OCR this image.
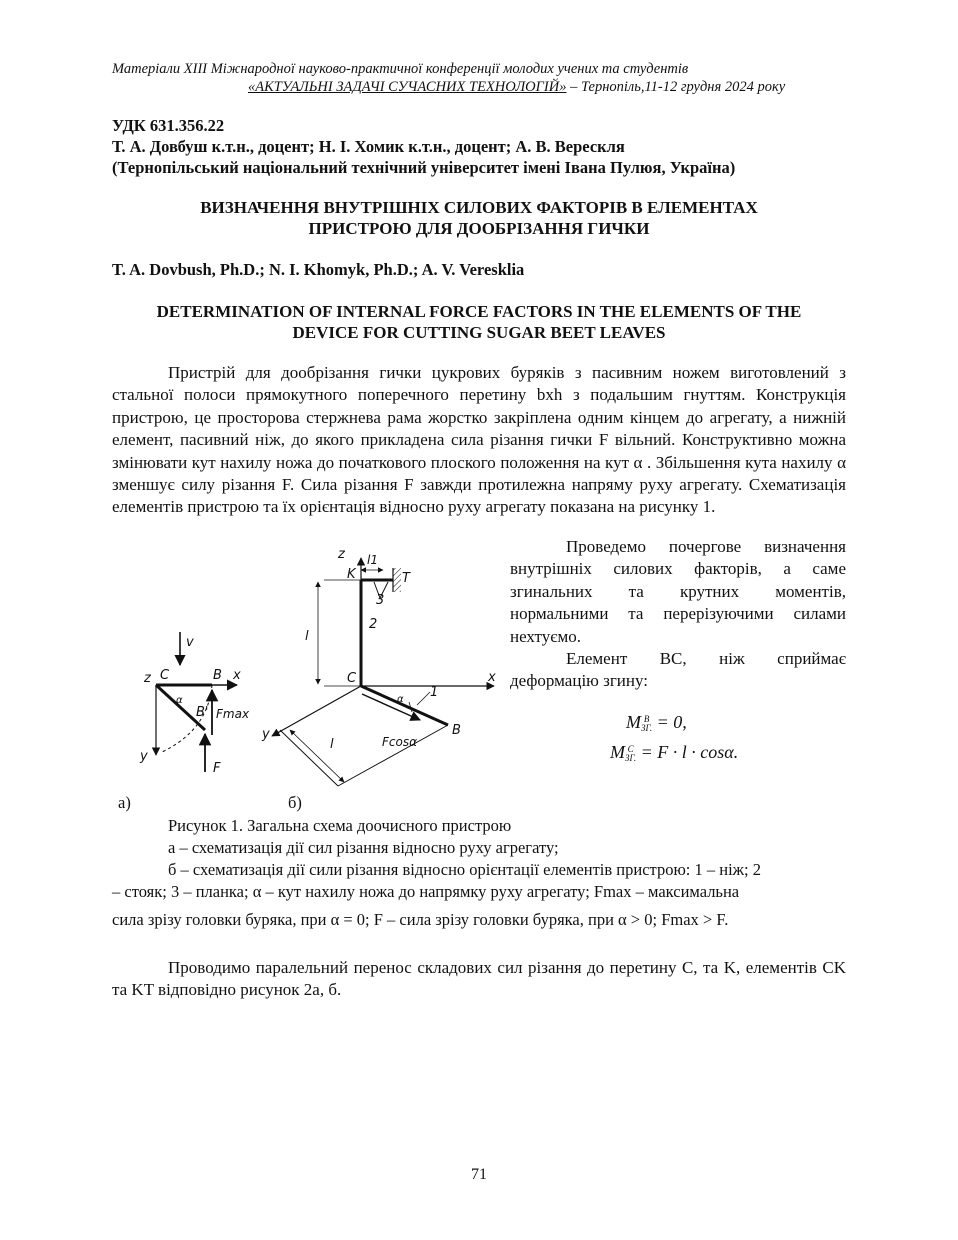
Матеріали XIII Міжнародної науково-практичної конференції молодих учених та студентів
«АКТУАЛЬНІ ЗАДАЧІ СУЧАСНИХ ТЕХНОЛОГІЙ» – Тернопіль,11-12 грудня 2024 року
УДК 631.356.22
Т. А. Довбуш к.т.н., доцент; Н. І. Хомик к.т.н., доцент; А. В. Верескля
(Тернопільський національний технічний університет імені Івана Пулюя, Україна)
ВИЗНАЧЕННЯ ВНУТРІШНІХ СИЛОВИХ ФАКТОРІВ В ЕЛЕМЕНТАХ
ПРИСТРОЮ ДЛЯ ДООБРІЗАННЯ ГИЧКИ
T. A. Dovbush, Ph.D.; N. I. Khomyk, Ph.D.; A. V. Veresklia
DETERMINATION OF INTERNAL FORCE FACTORS IN THE ELEMENTS OF THE
DEVICE FOR CUTTING SUGAR BEET LEAVES

Пристрій для дообрізання гички цукрових буряків з пасивним ножем виготовлений з стальної полоси прямокутного поперечного перетину bxh з подальшим гнуттям. Конструкція пристрою, це просторова стержнева рама жорстко закріплена одним кінцем до агрегату, а нижній елемент, пасивний ніж, до якого прикладена сила різання гички F вільний. Конструктивно можна змінювати кут нахилу ножа до початкового плоского положення на кут α . Збільшення кута нахилу α зменшує силу різання F. Сила різання F завжди протилежна напряму руху агрегату. Схематизація елементів пристрою та їх орієнтація відносно руху агрегату показана на рисунку 1.

z C	B x
v
α
B' Fmax
y
F
z l1
K	T
3
2
l
C	x
y
α 1
l	Fcosα
B
а)	б)

Проведемо почергове визначення внутрішніх силових факторів, а саме згинальних та крутних моментів, нормальними та перерізуючими силами нехтуємо.

Елемент BC, ніж сприймає деформацію згину:

M B
ЗГ. = 0,
M C
ЗГ. = F · l · cosα.
Рисунок 1. Загальна схема доочисного пристрою
а – схематизація дії сил різання відносно руху агрегату;
б – схематизація дії сили різання відносно орієнтації елементів пристрою: 1 – ніж; 2
– стояк; 3 – планка; α – кут нахилу ножа до напрямку руху агрегату; Fmax – максимальна
сила зрізу головки буряка, при α = 0; F – сила зрізу головки буряка, при α > 0; Fmax > F.

Проводимо паралельний перенос складових сил різання до перетину C, та K, елементів CK та KT відповідно рисунок 2а, б.

71
